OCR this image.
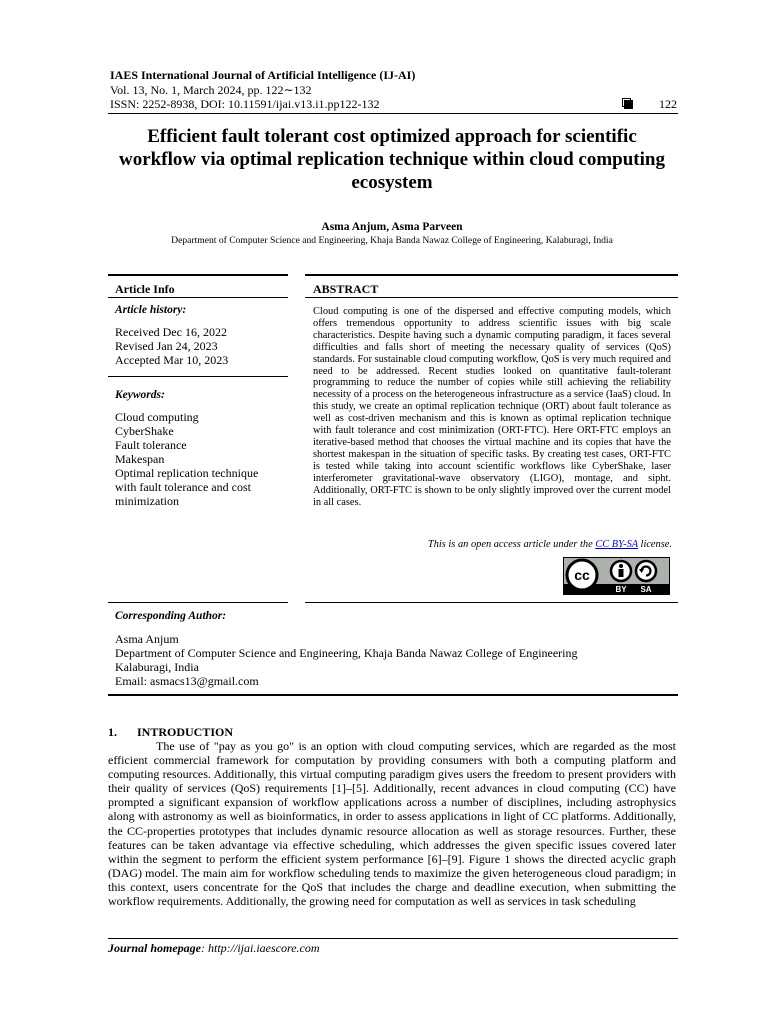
IAES International Journal of Artificial Intelligence (IJ-AI)
Vol. 13, No. 1, March 2024, pp. 122∼132
ISSN: 2252-8938, DOI: 10.11591/ijai.v13.i1.pp122-132	122
Efficient fault tolerant cost optimized approach for scientific workflow via optimal replication technique within cloud computing ecosystem
Asma Anjum, Asma Parveen
Department of Computer Science and Engineering, Khaja Banda Nawaz College of Engineering, Kalaburagi, India
Article Info	ABSTRACT
Article history:
Received Dec 16, 2022
Revised Jan 24, 2023
Accepted Mar 10, 2023
Keywords:
Cloud computing
CyberShake
Fault tolerance
Makespan
Optimal replication technique with fault tolerance and cost minimization
Cloud computing is one of the dispersed and effective computing models, which offers tremendous opportunity to address scientific issues with big scale characteristics. Despite having such a dynamic computing paradigm, it faces several difficulties and falls short of meeting the necessary quality of services (QoS) standards. For sustainable cloud computing workflow, QoS is very much required and need to be addressed. Recent studies looked on quantitative fault-tolerant programming to reduce the number of copies while still achieving the reliability necessity of a process on the heterogeneous infrastructure as a service (IaaS) cloud. In this study, we create an optimal replication technique (ORT) about fault tolerance as well as cost-driven mechanism and this is known as optimal replication technique with fault tolerance and cost minimization (ORT-FTC). Here ORT-FTC employs an iterative-based method that chooses the virtual machine and its copies that have the shortest makespan in the situation of specific tasks. By creating test cases, ORT-FTC is tested while taking into account scientific workflows like CyberShake, laser interferometer gravitational-wave observatory (LIGO), montage, and sipht. Additionally, ORT-FTC is shown to be only slightly improved over the current model in all cases.
This is an open access article under the CC BY-SA license.
cc
BY SA
Corresponding Author:
Asma Anjum
Department of Computer Science and Engineering, Khaja Banda Nawaz College of Engineering
Kalaburagi, India
Email: asmacs13@gmail.com
1. INTRODUCTION
The use of "pay as you go" is an option with cloud computing services, which are regarded as the most efficient commercial framework for computation by providing consumers with both a computing platform and computing resources. Additionally, this virtual computing paradigm gives users the freedom to present providers with their quality of services (QoS) requirements [1]–[5]. Additionally, recent advances in cloud computing (CC) have prompted a significant expansion of workflow applications across a number of disciplines, including astrophysics along with astronomy as well as bioinformatics, in order to assess applications in light of CC platforms. Additionally, the CC-properties prototypes that includes dynamic resource allocation as well as storage resources. Further, these features can be taken advantage via effective scheduling, which addresses the given specific issues covered later within the segment to perform the efficient system performance [6]–[9]. Figure 1 shows the directed acyclic graph (DAG) model. The main aim for workflow scheduling tends to maximize the given heterogeneous cloud paradigm; in this context, users concentrate for the QoS that includes the charge and deadline execution, when submitting the workflow requirements. Additionally, the growing need for computation as well as services in task scheduling
Journal homepage: http://ijai.iaescore.com
